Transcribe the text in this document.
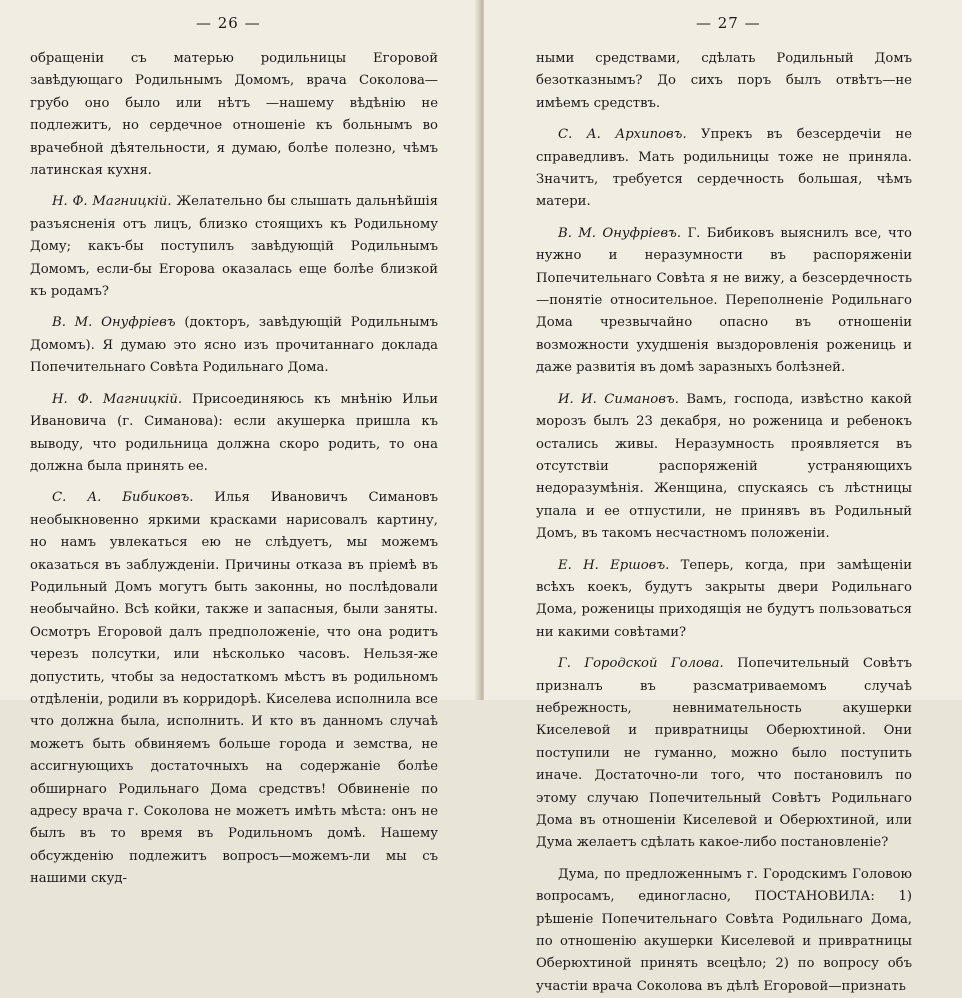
— 26 —

обращеніи съ матерью родильницы Егоровой завѣдующаго Родильнымъ Домомъ, врача Соколова—грубо оно было или нѣтъ —нашему вѣдѣнію не подлежитъ, но сердечное отношеніе къ больнымъ во врачебной дѣятельности, я думаю, болѣе полезно, чѣмъ латинская кухня.

Н. Ф. Магницкій. Желательно бы слышать дальнѣйшія разъясненія отъ лицъ, близко стоящихъ къ Родильному Дому; какъ-бы поступилъ завѣдующій Родильнымъ Домомъ, если-бы Егорова оказалась еще болѣе близкой къ родамъ?

В. М. Онуфріевъ (докторъ, завѣдующій Родильнымъ Домомъ). Я думаю это ясно изъ прочитаннаго доклада Попечительнаго Совѣта Родильнаго Дома.

Н. Ф. Магницкій. Присоединяюсь къ мнѣнію Ильи Ивановича (г. Симанова): если акушерка пришла къ выводу, что родильница должна скоро родить, то она должна была принять ее.

С. А. Бибиковъ. Илья Ивановичъ Симановъ необыкновенно яркими красками нарисовалъ картину, но намъ увлекаться ею не слѣдуетъ, мы можемъ оказаться въ заблужденіи. Причины отказа въ пріемѣ въ Родильный Домъ могутъ быть законны, но послѣдовали необычайно. Всѣ койки, также и запасныя, были заняты. Осмотръ Егоровой далъ предположеніе, что она родитъ черезъ полсутки, или нѣсколько часовъ. Нельзя-же допустить, чтобы за недостаткомъ мѣстъ въ родильномъ отдѣленіи, родили въ корридорѣ. Киселева исполнила все что должна была, исполнить. И кто въ данномъ случаѣ можетъ быть обвиняемъ больше города и земства, не ассигнующихъ достаточныхъ на содержаніе болѣе обширнаго Родильнаго Дома средствъ! Обвиненіе по адресу врача г. Соколова не можетъ имѣть мѣста: онъ не былъ въ то время въ Родильномъ домѣ. Нашему обсужденію подлежитъ вопросъ—можемъ-ли мы съ нашими скуд-

— 27 —

ными средствами, сдѣлать Родильный Домъ безотказнымъ? До сихъ поръ былъ отвѣтъ—не имѣемъ средствъ.

С. А. Архиповъ. Упрекъ въ безсердечіи не справедливъ. Мать родильницы тоже не приняла. Значитъ, требуется сердечность большая, чѣмъ матери.

В. М. Онуфріевъ. Г. Бибиковъ выяснилъ все, что нужно и неразумности въ распоряженіи Попечительнаго Совѣта я не вижу, а безсердечность—понятіе относительное. Переполненіе Родильнаго Дома чрезвычайно опасно въ отношеніи возможности ухудшенія выздоровленія рожениць и даже развитія въ домѣ заразныхъ болѣзней.

И. И. Симановъ. Вамъ, господа, извѣстно какой морозъ былъ 23 декабря, но роженица и ребенокъ остались живы. Неразумность проявляется въ отсутствіи распоряженій устраняющихъ недоразумѣнія. Женщина, спускаясь съ лѣстницы упала и ее отпустили, не принявъ въ Родильный Домъ, въ такомъ несчастномъ положеніи.

Е. Н. Ершовъ. Теперь, когда, при замѣщеніи всѣхъ коекъ, будутъ закрыты двери Родильнаго Дома, роженицы приходящія не будутъ пользоваться ни какими совѣтами?

Г. Городской Голова. Попечительный Совѣтъ призналъ въ разсматриваемомъ случаѣ небрежность, невнимательность акушерки Киселевой и привратницы Оберюхтиной. Они поступили не гуманно, можно было поступить иначе. Достаточно-ли того, что постановилъ по этому случаю Попечительный Совѣтъ Родильнаго Дома въ отношеніи Киселевой и Оберюхтиной, или Дума желаетъ сдѣлать какое-либо постановленіе?

Дума, по предложеннымъ г. Городскимъ Головою вопросамъ, единогласно, ПОСТАНОВИЛА: 1) рѣшеніе Попечительнаго Совѣта Родильнаго Дома, по отношенію акушерки Киселевой и привратницы Оберюхтиной принять всецѣло; 2) по вопросу объ участіи врача Соколова въ дѣлѣ Егоровой—признать
